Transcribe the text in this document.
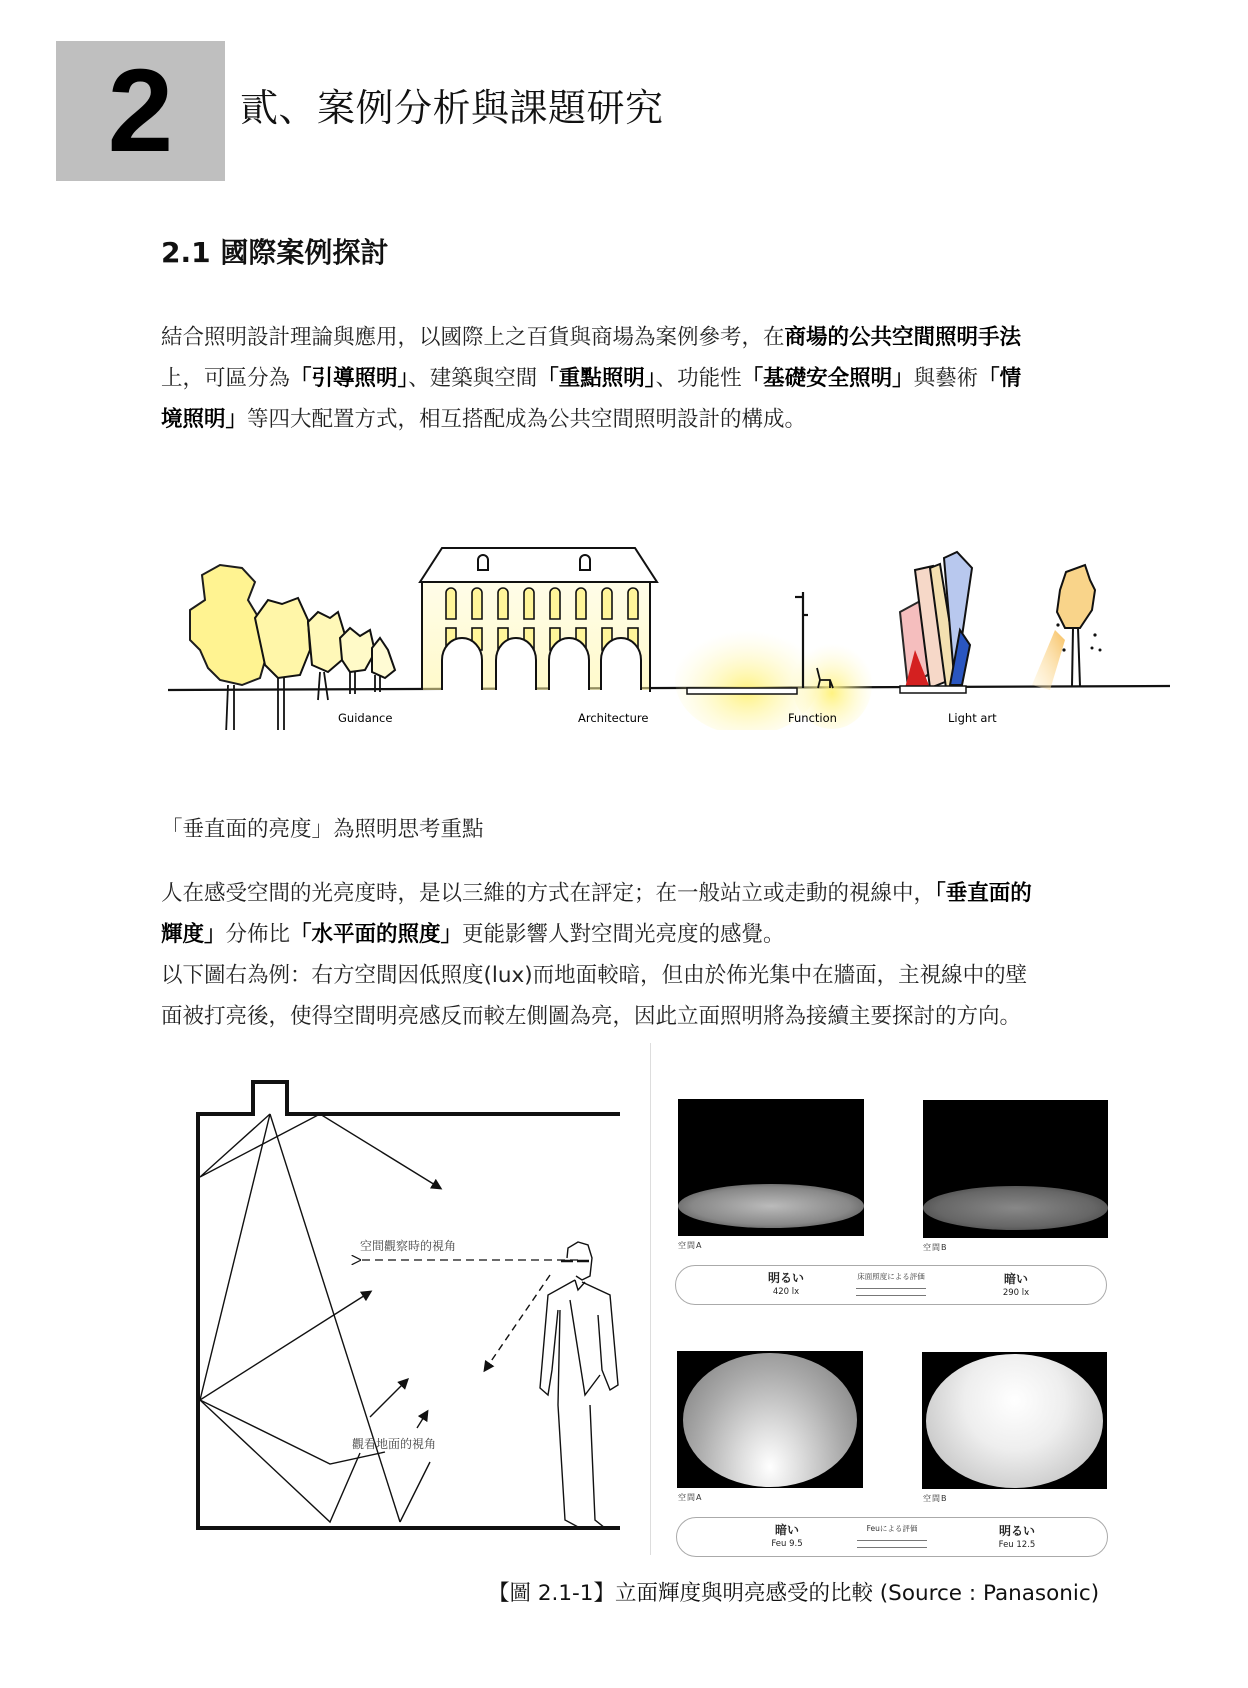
2	貳、案例分析與課題研究
2.1 國際案例探討
結合照明設計理論與應用，以國際上之百貨與商場為案例參考，在商場的公共空間照明手法
上，可區分為「引導照明」、建築與空間「重點照明」、功能性「基礎安全照明」與藝術「情
境照明」等四大配置方式，相互搭配成為公共空間照明設計的構成。
Guidance	Architecture	Function	Light art
「垂直面的亮度」為照明思考重點
人在感受空間的光亮度時，是以三維的方式在評定；在一般站立或走動的視線中，「垂直面的
輝度」分佈比「水平面的照度」更能影響人對空間光亮度的感覺。
以下圖右為例：右方空間因低照度(lux)而地面較暗，但由於佈光集中在牆面，主視線中的壁
面被打亮後，使得空間明亮感反而較左側圖為亮，因此立面照明將為接續主要探討的方向。
空間觀察時的視角
觀看地面的視角
空間A	空間B
明るい
420 lx
床面照度による評価	暗い
290 lx
空間A	空間B
暗い
Feu 9.5
Feuによる評価	明るい
Feu 12.5
【圖 2.1-1】立面輝度與明亮感受的比較 (Source : Panasonic)
